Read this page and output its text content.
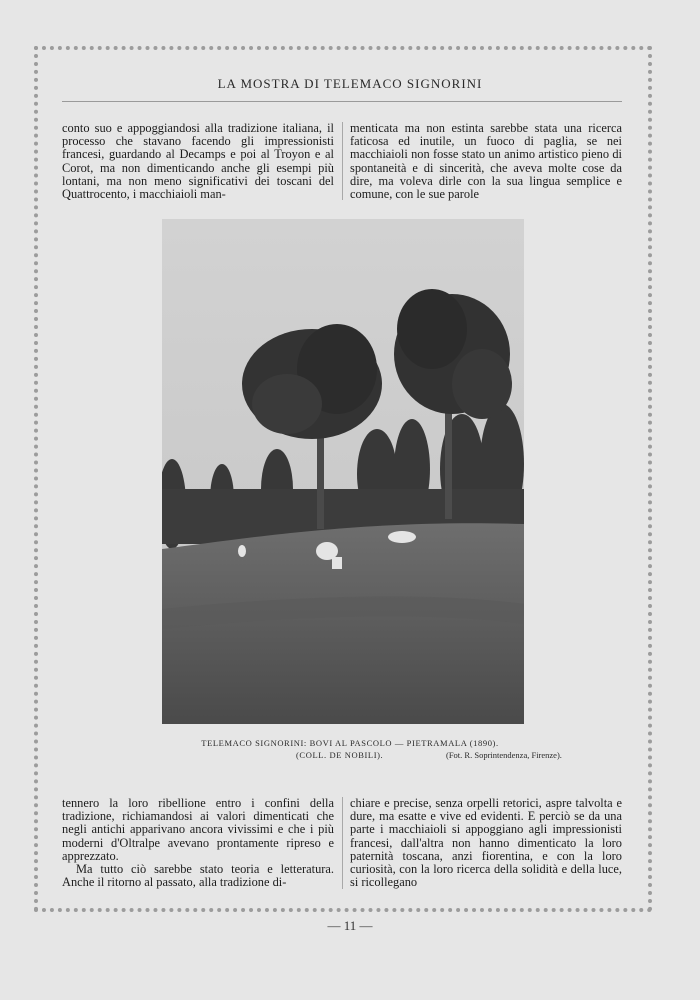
LA MOSTRA DI TELEMACO SIGNORINI

conto suo e appoggiandosi alla tradizione italiana, il processo che stavano facendo gli impressionisti francesi, guardando al Decamps e poi al Troyon e al Corot, ma non dimenticando anche gli esempi più lontani, ma non meno significativi dei toscani del Quattrocento, i macchiaioli man-

menticata ma non estinta sarebbe stata una ricerca faticosa ed inutile, un fuoco di paglia, se nei macchiaioli non fosse stato un animo artistico pieno di spontaneità e di sincerità, che aveva molte cose da dire, ma voleva dirle con la sua lingua semplice e comune, con le sue parole

TELEMACO SIGNORINI: BOVI AL PASCOLO — PIETRAMALA (1890).
(COLL. DE NOBILI).	(Fot. R. Soprintendenza, Firenze).

tennero la loro ribellione entro i confini della tradizione, richiamandosi ai valori dimenticati che negli antichi apparivano ancora vivissimi e che i più moderni d'Oltralpe avevano prontamente ripreso e apprezzato.

Ma tutto ciò sarebbe stato teoria e letteratura. Anche il ritorno al passato, alla tradizione di-

chiare e precise, senza orpelli retorici, aspre talvolta e dure, ma esatte e vive ed evidenti. E perciò se da una parte i macchiaioli si appoggiano agli impressionisti francesi, dall'altra non hanno dimenticato la loro paternità toscana, anzi fiorentina, e con la loro curiosità, con la loro ricerca della solidità e della luce, si ricollegano

— 11 —
